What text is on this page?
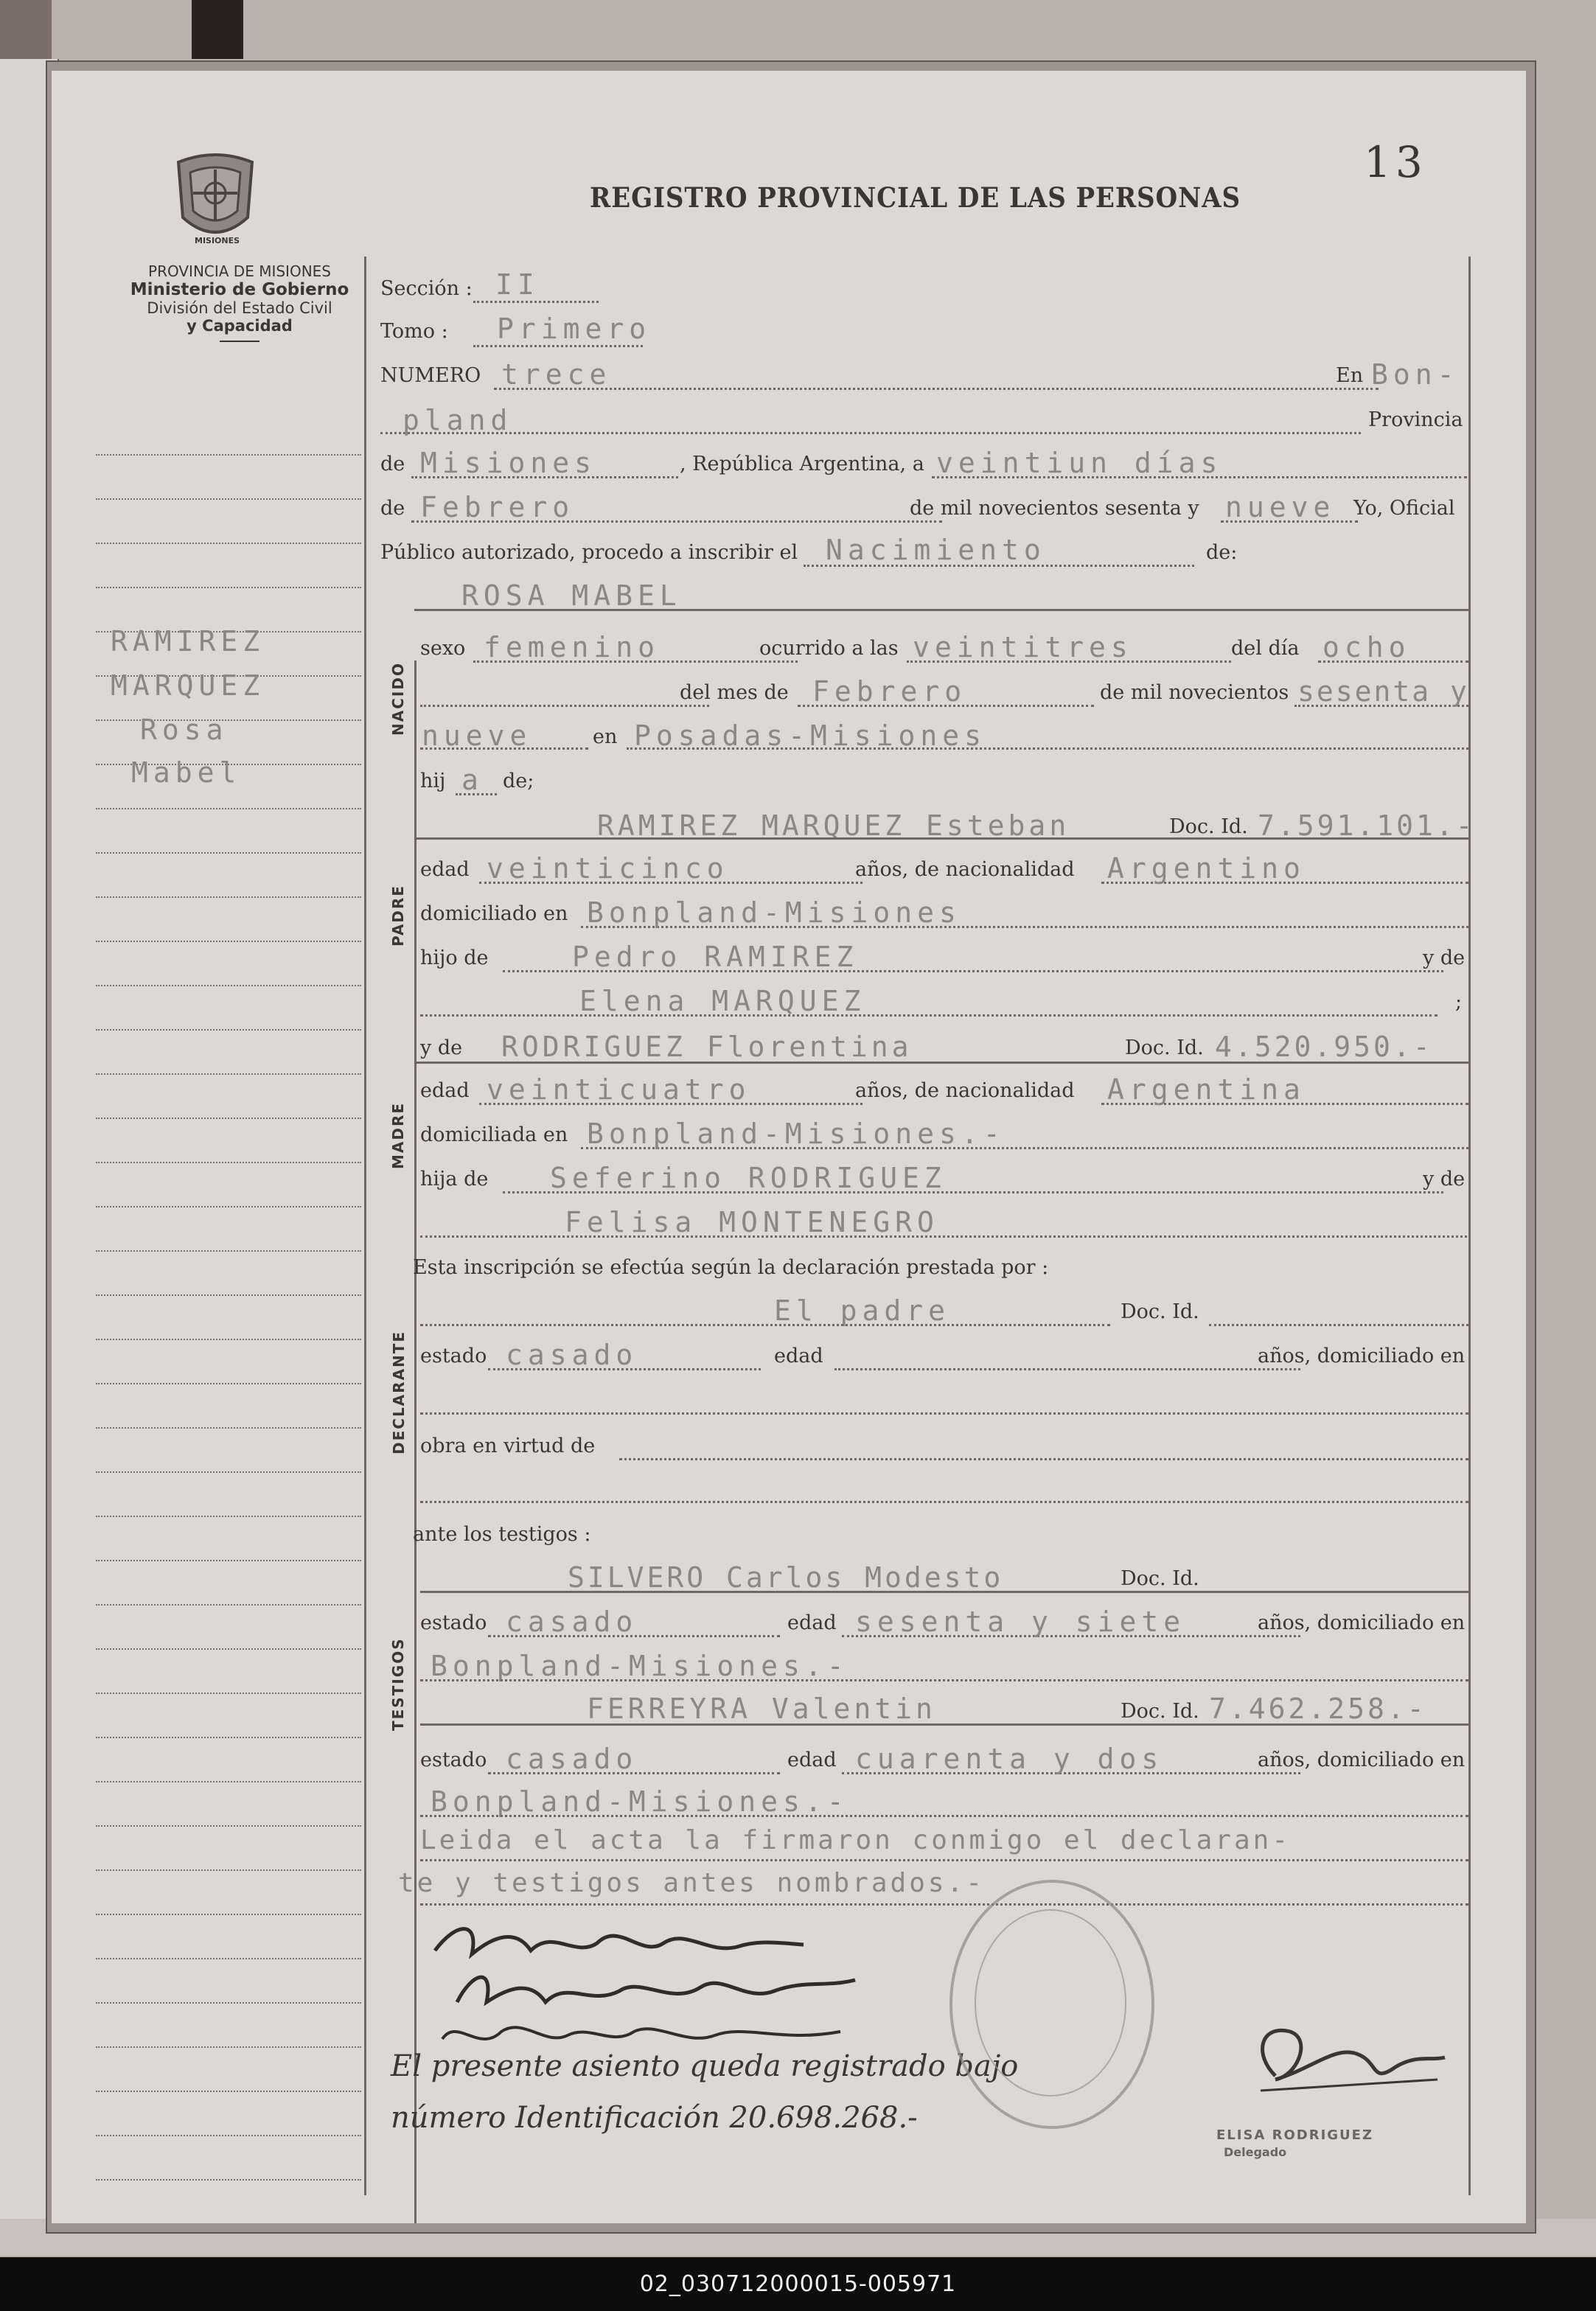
13
MISIONES
PROVINCIA DE MISIONES
Ministerio de Gobierno
División del Estado Civil
y Capacidad
REGISTRO PROVINCIAL DE LAS PERSONAS
RAMIREZ
MARQUEZ
Rosa
Mabel
Sección : II
Tomo : Primero
NUMERO trece	En Bon-
pland	Provincia
de Misiones	, República Argentina, a veintiun días
de Febrero	de mil novecientos sesenta y nueve Yo, Oficial
Público autorizado, procedo a inscribir el Nacimiento	de:
NACIDO
ROSA MABEL
sexo femenino	ocurrido a las veintitres	del día ocho
del mes de Febrero	de mil novecientos sesenta y
nueve	en Posadas-Misiones
hij a de;
PADRE
RAMIREZ MARQUEZ Esteban	Doc. Id. 7.591.101.-
edad veinticinco	años, de nacionalidad Argentino
domiciliado en Bonpland-Misiones
hijo de	Pedro RAMIREZ	y de
Elena MARQUEZ	;
MADRE
y de RODRIGUEZ Florentina	Doc. Id. 4.520.950.-
edad veinticuatro	años, de nacionalidad Argentina
domiciliada en Bonpland-Misiones.-
hija de Seferino RODRIGUEZ	y de
Felisa MONTENEGRO
Esta inscripción se efectúa según la declaración prestada por :
DECLARANTE
El padre	Doc. Id.
estado casado	edad	años, domiciliado en
obra en virtud de
ante los testigos :
TESTIGOS
SILVERO Carlos Modesto	Doc. Id.
estado casado	edad sesenta y siete	años, domiciliado en
Bonpland-Misiones.-
FERREYRA Valentin	Doc. Id. 7.462.258.-
estado casado	edad cuarenta y dos	años, domiciliado en
Bonpland-Misiones.-
Leida el acta la firmaron conmigo el declaran-
te y testigos antes nombrados.-
El presente asiento queda registrado bajo
número Identificación 20.698.268.-
ELISA RODRIGUEZ
Delegado
02_030712000015-005971
